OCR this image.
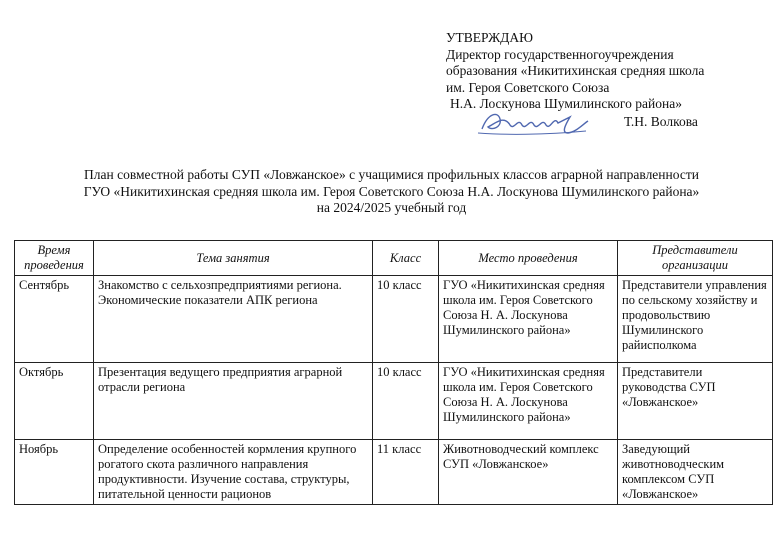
УТВЕРЖДАЮ
Директор государственногоучреждения
образования «Никитихинская средняя школа
им. Героя Советского Союза
Н.А. Лоскунова Шумилинского района»
Т.Н. Волкова
План совместной работы СУП «Ловжанское» с учащимися профильных классов аграрной направленности
ГУО «Никитихинская средняя школа им. Героя Советского Союза Н.А. Лоскунова Шумилинского района»
на 2024/2025 учебный год
Время проведения	Тема занятия	Класс	Место проведения	Представители организации
Сентябрь	Знакомство с сельхозпредприятиями региона. Экономические показатели АПК региона	10 класс	ГУО «Никитихинская средняя школа им. Героя Советского Союза Н. А. Лоскунова Шумилинского района»	Представители управления по сельскому хозяйству и продовольствию Шумилинского райисполкома
Октябрь	Презентация ведущего предприятия аграрной отрасли региона	10 класс	ГУО «Никитихинская средняя школа им. Героя Советского Союза Н. А. Лоскунова Шумилинского района»	Представители руководства СУП «Ловжанское»
Ноябрь	Определение особенностей кормления крупного рогатого скота различного направления продуктивности. Изучение состава, структуры, питательной ценности рационов	11 класс	Животноводческий комплекс СУП «Ловжанское»	Заведующий животноводческим комплексом СУП «Ловжанское»
